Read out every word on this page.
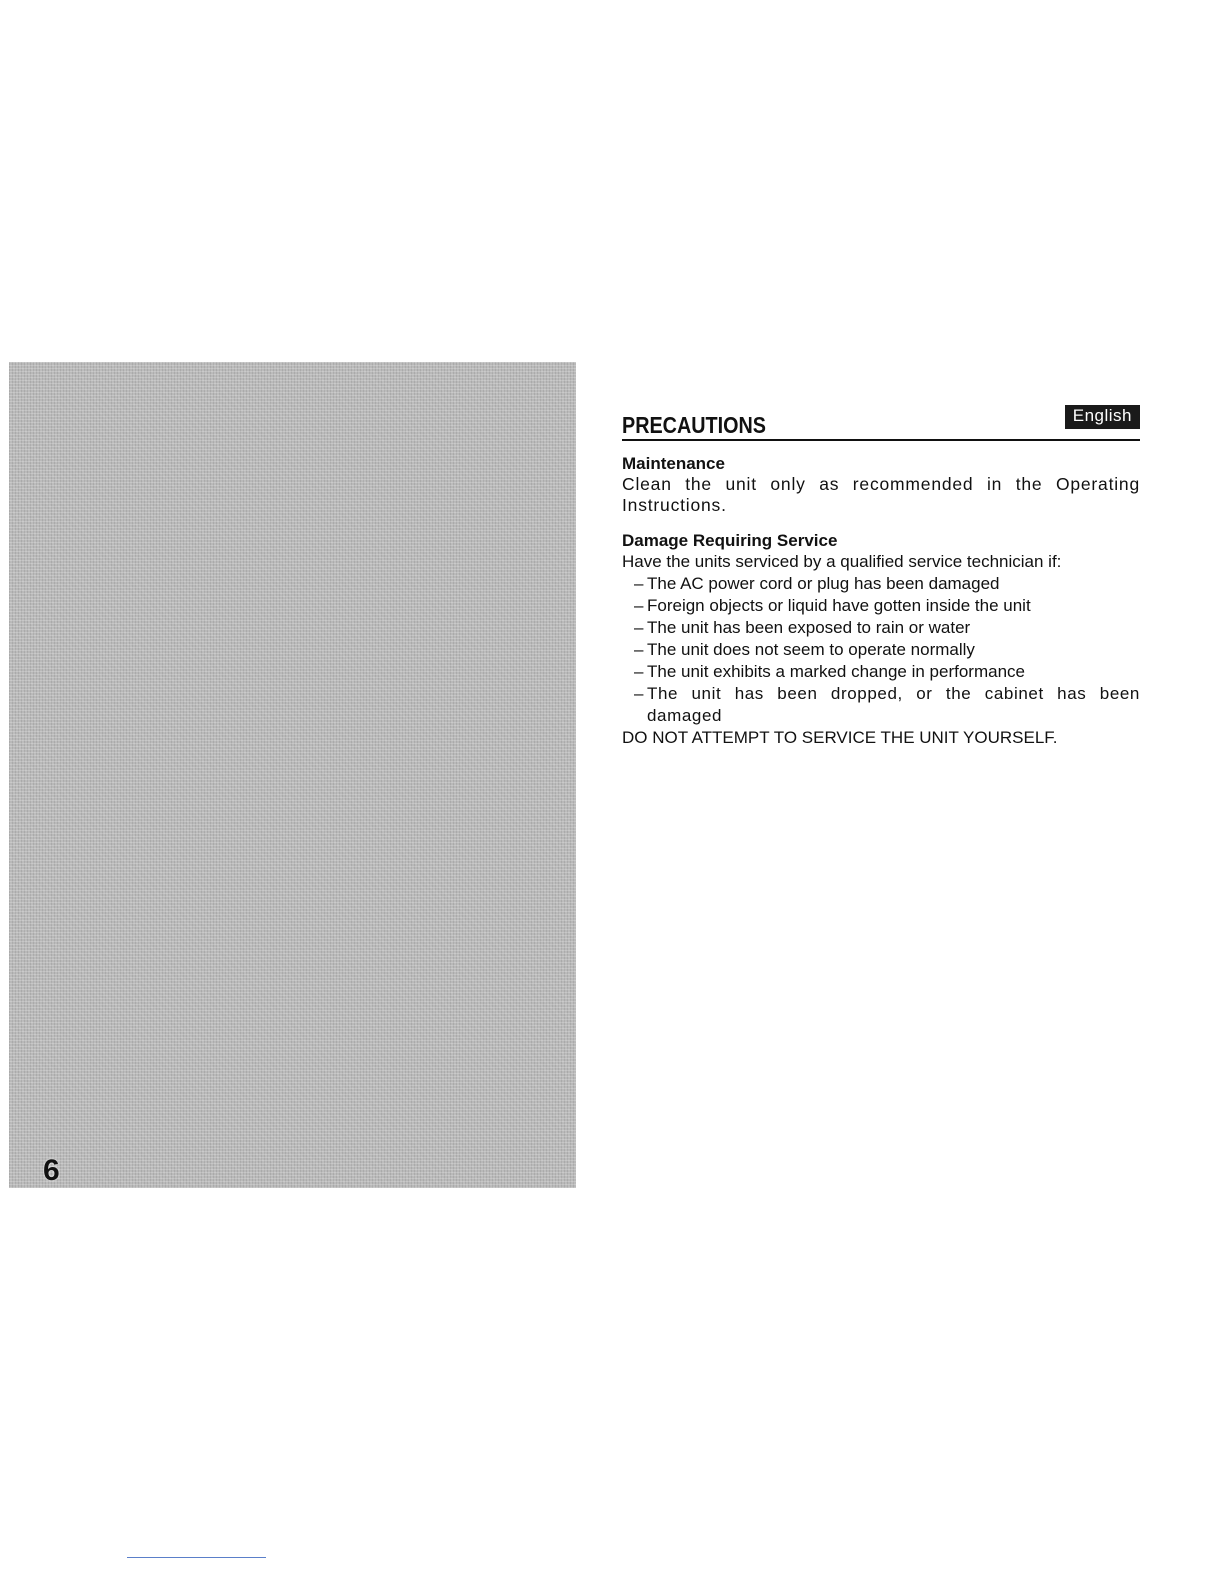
6
PRECAUTIONS	English
Maintenance

Clean the unit only as recommended in the Operating Instructions.

Damage Requiring Service

Have the units serviced by a qualified service technician if:

– The AC power cord or plug has been damaged
– Foreign objects or liquid have gotten inside the unit
– The unit has been exposed to rain or water
– The unit does not seem to operate normally
– The unit exhibits a marked change in performance
– The unit has been dropped, or the cabinet has been damaged

DO NOT ATTEMPT TO SERVICE THE UNIT YOURSELF.
